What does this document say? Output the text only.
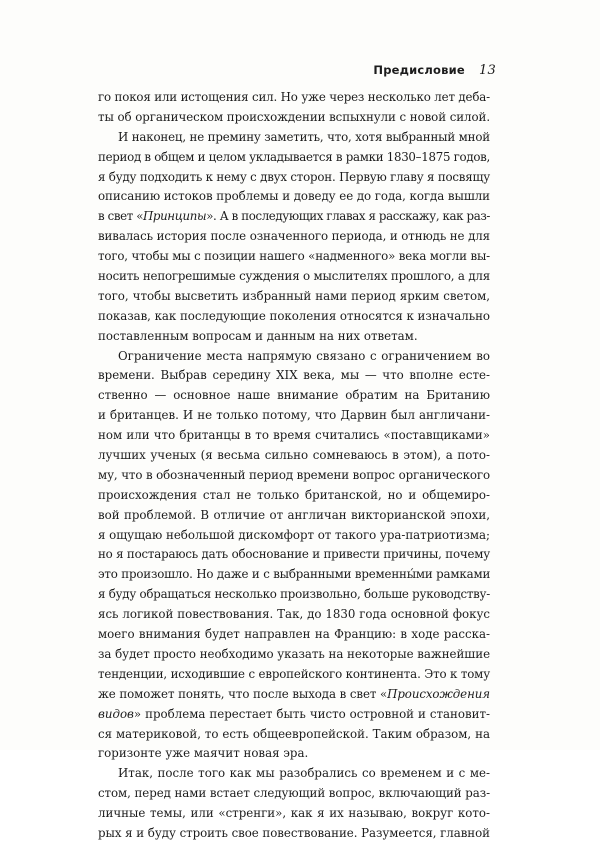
Предисловие 13
го покоя или истощения сил. Но уже через несколько лет деба-
ты об органическом происхождении вспыхнули с новой силой.
И наконец, не премину заметить, что, хотя выбранный мной
период в общем и целом укладывается в рамки 1830–1875 годов,
я буду подходить к нему с двух сторон. Первую главу я посвящу
описанию истоков проблемы и доведу ее до года, когда вышли
в свет «Принципы». А в последующих главах я расскажу, как раз-
вивалась история после означенного периода, и отнюдь не для
того, чтобы мы с позиции нашего «надменного» века могли вы-
носить непогрешимые суждения о мыслителях прошлого, а для
того, чтобы высветить избранный нами период ярким светом,
показав, как последующие поколения относятся к изначально
поставленным вопросам и данным на них ответам.
Ограничение места напрямую связано с ограничением во
времени. Выбрав середину XIX века, мы — что вполне есте-
ственно — основное наше внимание обратим на Британию
и британцев. И не только потому, что Дарвин был англичани-
ном или что британцы в то время считались «поставщиками»
лучших ученых (я весьма сильно сомневаюсь в этом), а пото-
му, что в обозначенный период времени вопрос органического
происхождения стал не только британской, но и общемиро-
вой проблемой. В отличие от англичан викторианской эпохи,
я ощущаю небольшой дискомфорт от такого ура-патриотизма;
но я постараюсь дать обоснование и привести причины, почему
это произошло. Но даже и с выбранными временны́ми рамками
я буду обращаться несколько произвольно, больше руководству-
ясь логикой повествования. Так, до 1830 года основной фокус
моего внимания будет направлен на Францию: в ходе расска-
за будет просто необходимо указать на некоторые важнейшие
тенденции, исходившие с европейского континента. Это к тому
же поможет понять, что после выхода в свет «Происхождения
видов» проблема перестает быть чисто островной и становит-
ся материковой, то есть общеевропейской. Таким образом, на
горизонте уже маячит новая эра.
Итак, после того как мы разобрались со временем и с ме-
стом, перед нами встает следующий вопрос, включающий раз-
личные темы, или «стренги», как я их называю, вокруг кото-
рых я и буду строить свое повествование. Разумеется, главной
